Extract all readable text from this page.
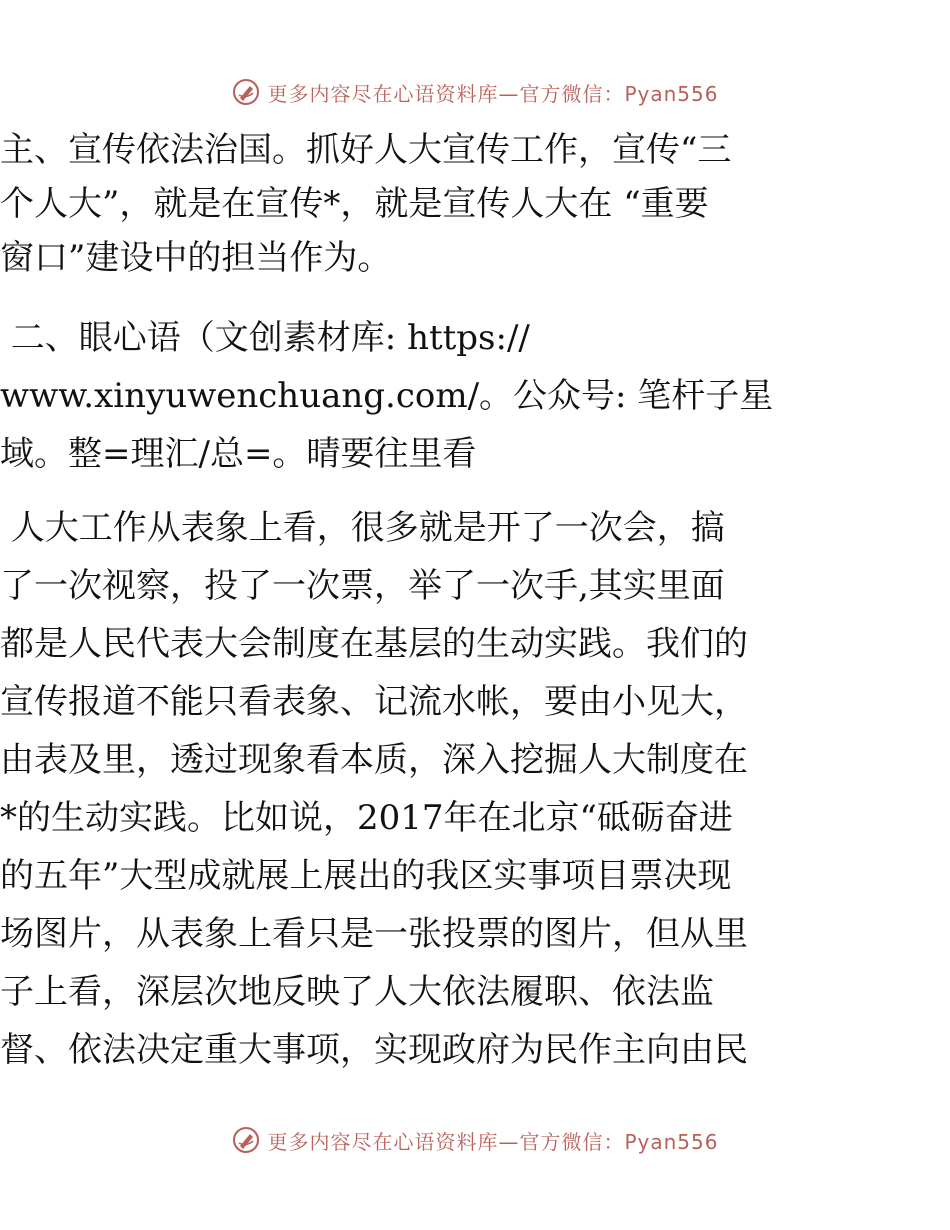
更多内容尽在心语资料库—官方微信：Pyan556
主、宣传依法治国。抓好人大宣传工作，宣传“三
个人大”，就是在宣传*，就是宣传人大在 “重要
窗口”建设中的担当作为。
二、眼心语（文创素材库: https://
www.xinyuwenchuang.com/。公众号: 笔杆子星
域。整=理汇/总=。晴要往里看
人大工作从表象上看，很多就是开了一次会，搞
了一次视察，投了一次票，举了一次手,其实里面
都是人民代表大会制度在基层的生动实践。我们的
宣传报道不能只看表象、记流水帐，要由小见大，
由表及里，透过现象看本质，深入挖掘人大制度在
*的生动实践。比如说，2017年在北京“砥砺奋进
的五年”大型成就展上展出的我区实事项目票决现
场图片，从表象上看只是一张投票的图片，但从里
子上看，深层次地反映了人大依法履职、依法监
督、依法决定重大事项，实现政府为民作主向由民
更多内容尽在心语资料库—官方微信：Pyan556
